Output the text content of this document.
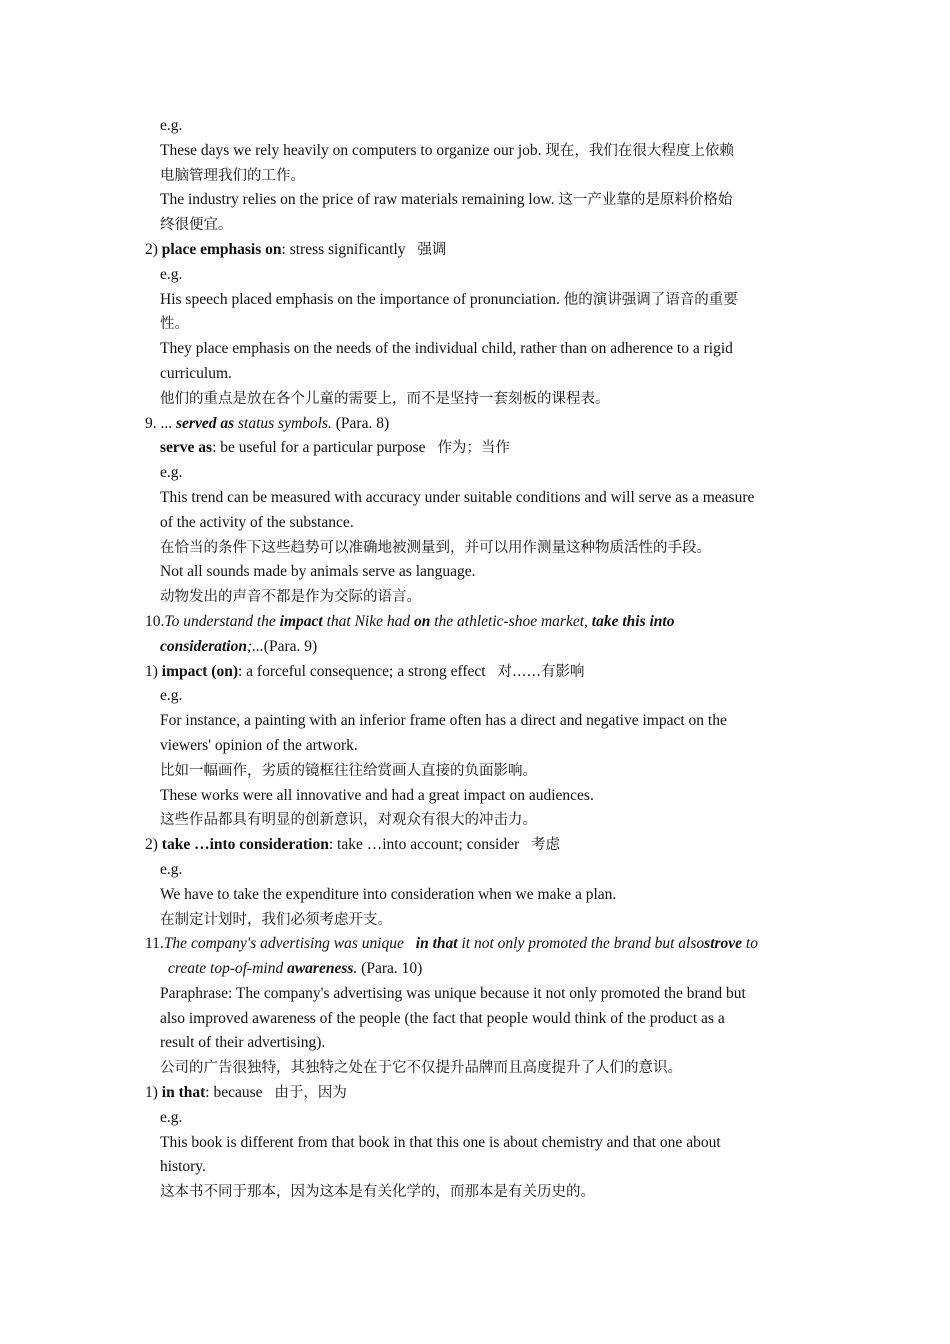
e.g.
These days we rely heavily on computers to organize our job. 现在，我们在很大程度上依赖
电脑管理我们的工作。
The industry relies on the price of raw materials remaining low. 这一产业靠的是原料价格始
终很便宜。
2) place emphasis on: stress significantly 强调
e.g.
His speech placed emphasis on the importance of pronunciation. 他的演讲强调了语音的重要
性。
They place emphasis on the needs of the individual child, rather than on adherence to a rigid
curriculum.
他们的重点是放在各个儿童的需要上，而不是坚持一套刻板的课程表。
9. ... served as status symbols. (Para. 8)
serve as: be useful for a particular purpose 作为；当作
e.g.
This trend can be measured with accuracy under suitable conditions and will serve as a measure
of the activity of the substance.
在恰当的条件下这些趋势可以准确地被测量到，并可以用作测量这种物质活性的手段。
Not all sounds made by animals serve as language.
动物发出的声音不都是作为交际的语言。
10.To understand the impact that Nike had on the athletic-shoe market, take this into
consideration;...(Para. 9)
1) impact (on): a forceful consequence; a strong effect 对……有影响
e.g.
For instance, a painting with an inferior frame often has a direct and negative impact on the
viewers' opinion of the artwork.
比如一幅画作，劣质的镜框往往给赏画人直接的负面影响。
These works were all innovative and had a great impact on audiences.
这些作品都具有明显的创新意识，对观众有很大的冲击力。
2) take …into consideration: take …into account; consider 考虑
e.g.
We have to take the expenditure into consideration when we make a plan.
在制定计划时，我们必须考虑开支。
11.The company's advertising was unique in that it not only promoted the brand but alsostrove to
create top-of-mind awareness. (Para. 10)
Paraphrase: The company's advertising was unique because it not only promoted the brand but
also improved awareness of the people (the fact that people would think of the product as a
result of their advertising).
公司的广告很独特，其独特之处在于它不仅提升品牌而且高度提升了人们的意识。
1) in that: because 由于，因为
e.g.
This book is different from that book in that this one is about chemistry and that one about
history.
这本书不同于那本，因为这本是有关化学的，而那本是有关历史的。
